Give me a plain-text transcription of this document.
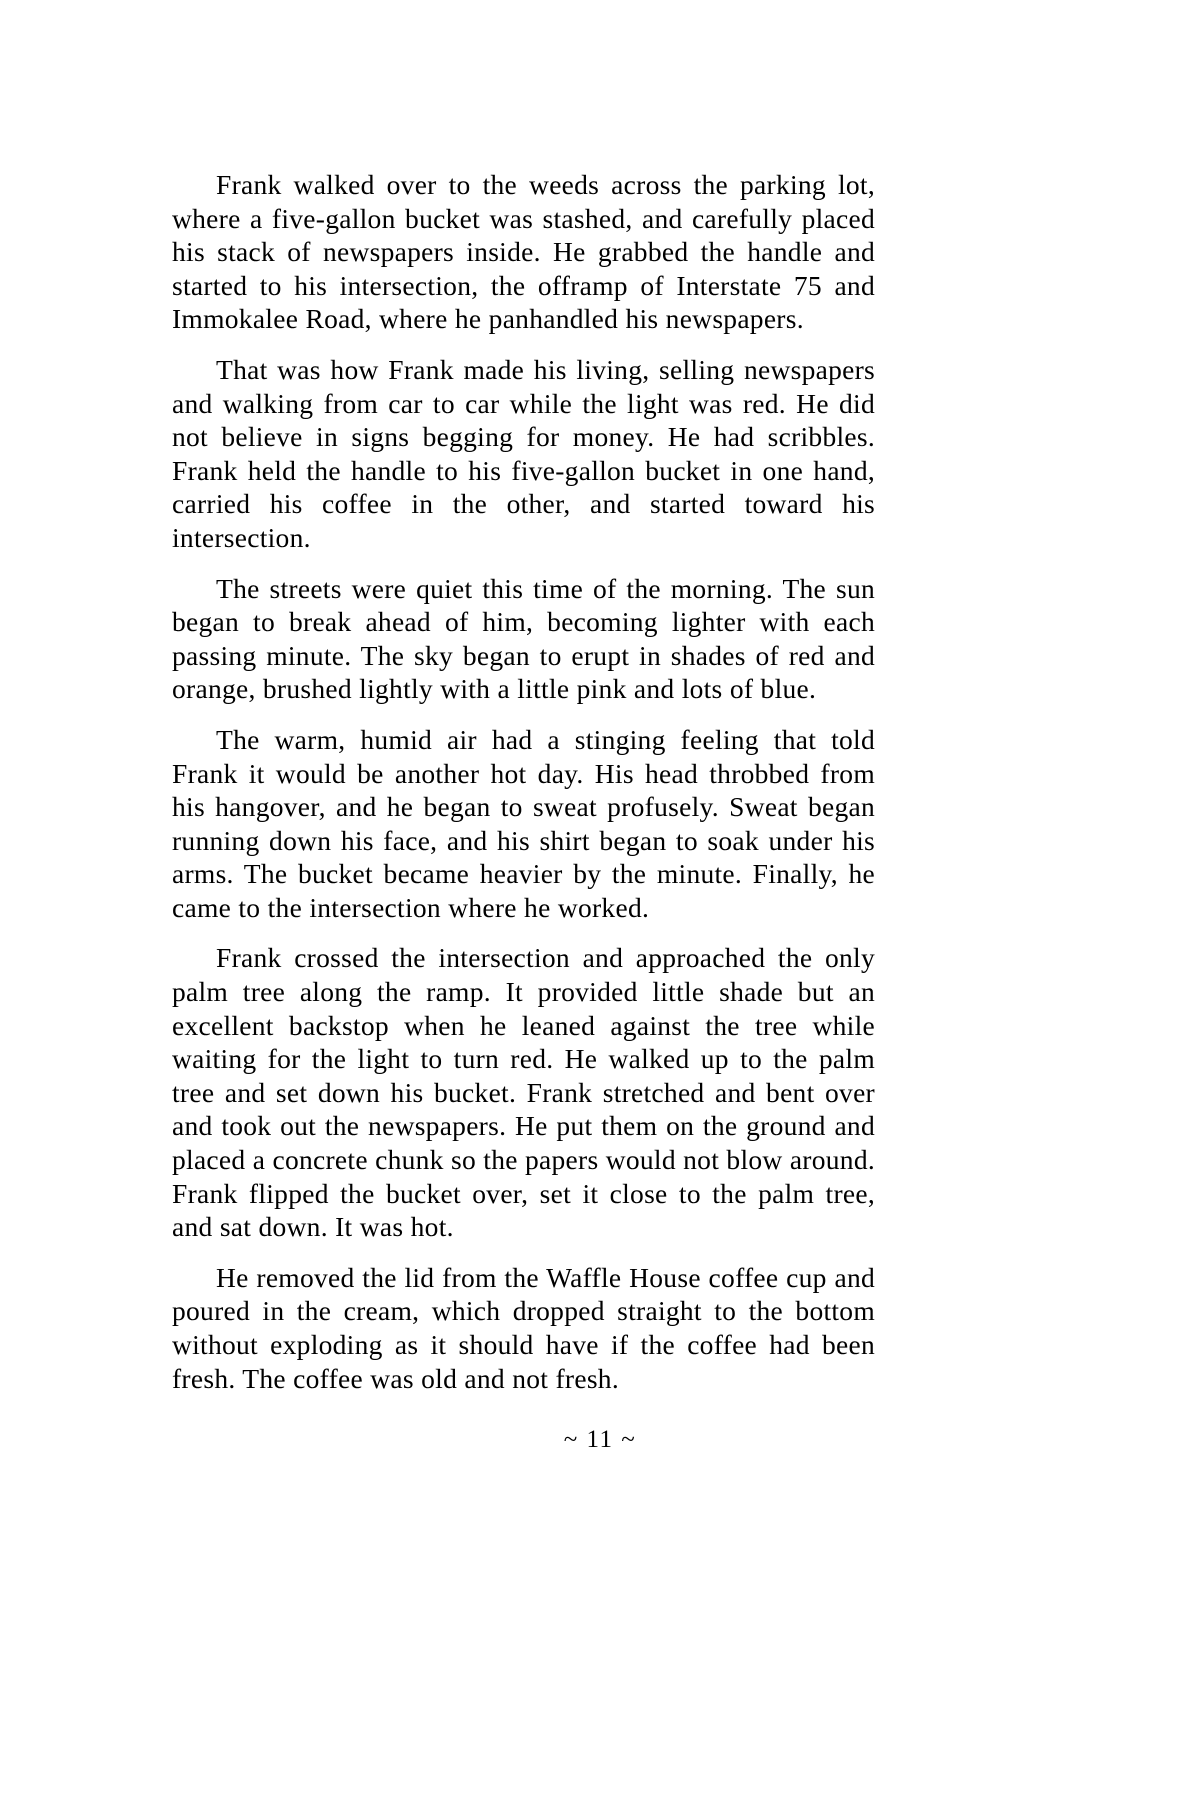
Frank walked over to the weeds across the parking lot, where a five-gallon bucket was stashed, and carefully placed his stack of newspapers inside. He grabbed the handle and started to his intersection, the offramp of Interstate 75 and Immokalee Road, where he panhandled his newspapers.

That was how Frank made his living, selling newspapers and walking from car to car while the light was red. He did not believe in signs begging for money. He had scribbles. Frank held the handle to his five-gallon bucket in one hand, carried his coffee in the other, and started toward his intersection.

The streets were quiet this time of the morning. The sun began to break ahead of him, becoming lighter with each passing minute. The sky began to erupt in shades of red and orange, brushed lightly with a little pink and lots of blue.

The warm, humid air had a stinging feeling that told Frank it would be another hot day. His head throbbed from his hangover, and he began to sweat profusely. Sweat began running down his face, and his shirt began to soak under his arms. The bucket became heavier by the minute. Finally, he came to the intersection where he worked.

Frank crossed the intersection and approached the only palm tree along the ramp. It provided little shade but an excellent backstop when he leaned against the tree while waiting for the light to turn red. He walked up to the palm tree and set down his bucket. Frank stretched and bent over and took out the newspapers. He put them on the ground and placed a concrete chunk so the papers would not blow around. Frank flipped the bucket over, set it close to the palm tree, and sat down. It was hot.

He removed the lid from the Waffle House coffee cup and poured in the cream, which dropped straight to the bottom without exploding as it should have if the coffee had been fresh. The coffee was old and not fresh.

~ 11 ~
